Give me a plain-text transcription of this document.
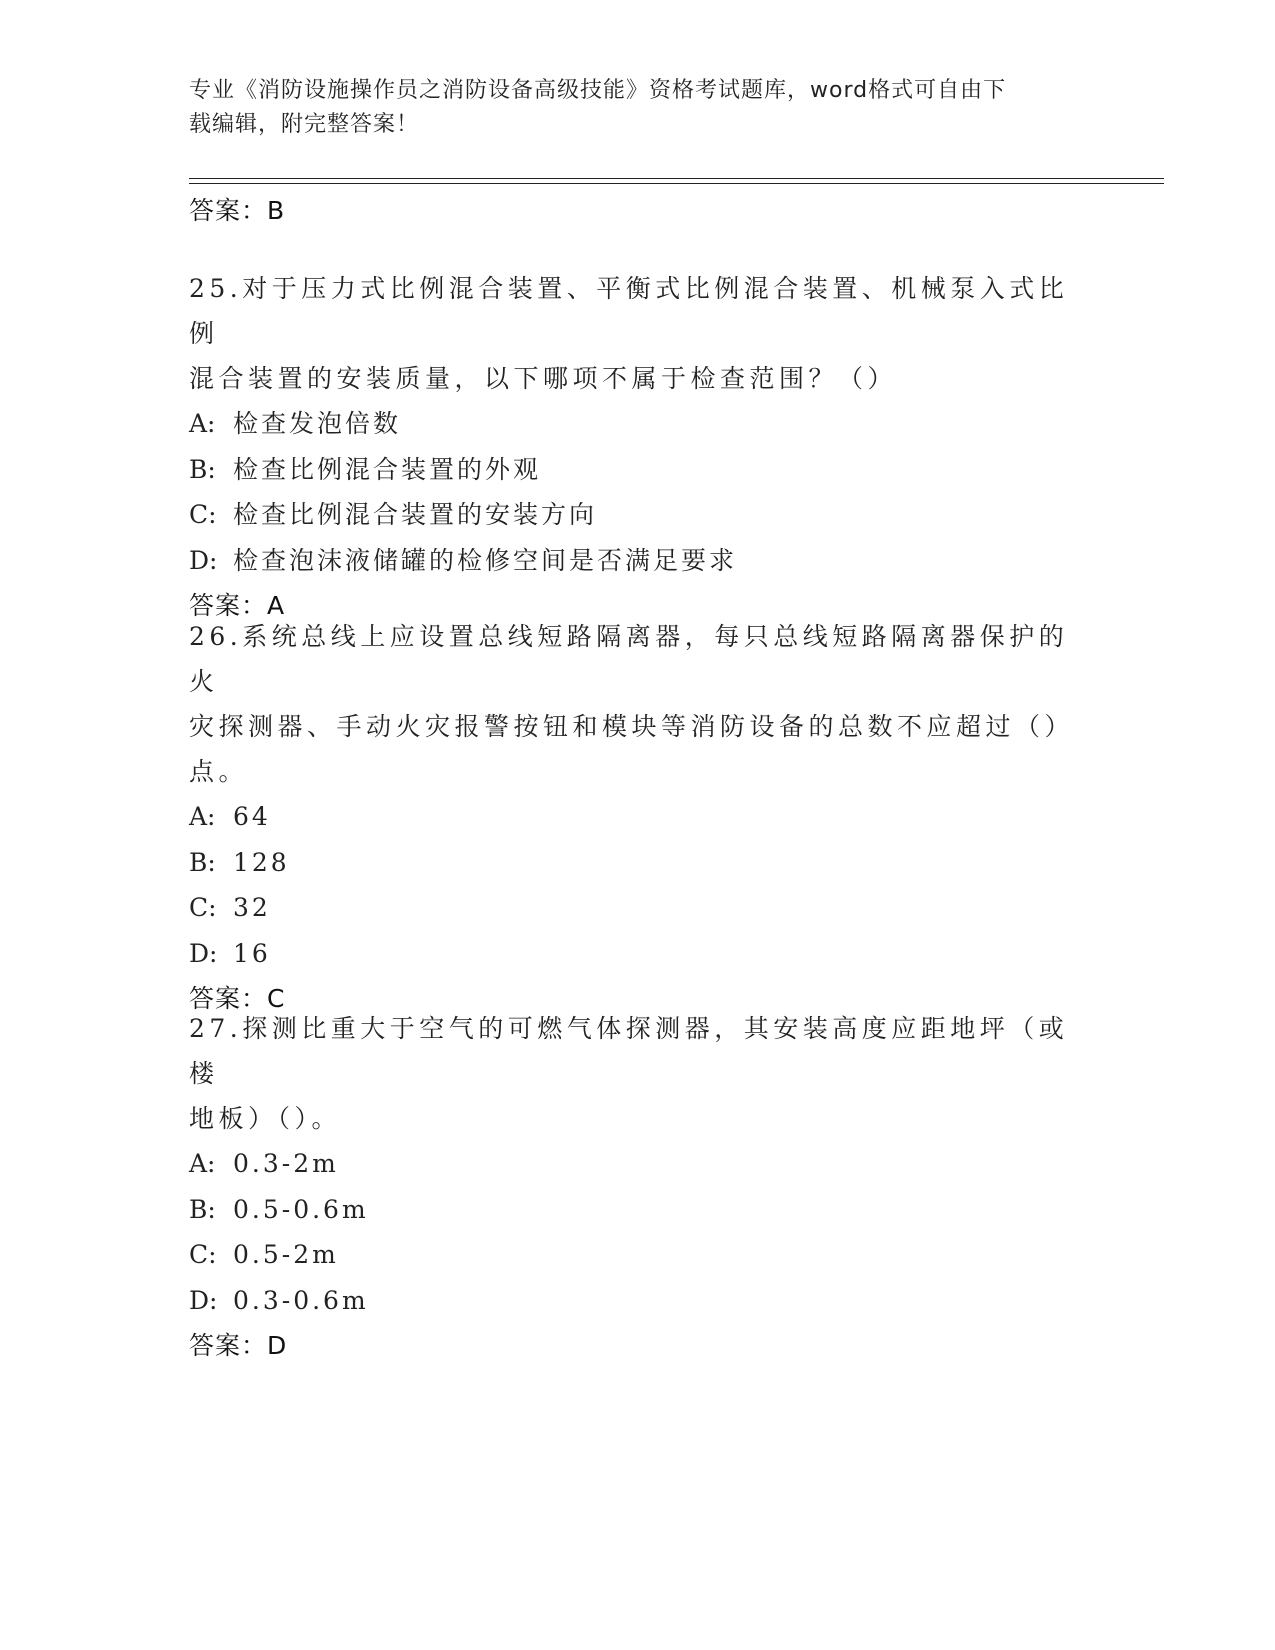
专业《消防设施操作员之消防设备高级技能》资格考试题库，word格式可自由下
载编辑，附完整答案！
答案：B
25.对于压力式比例混合装置、平衡式比例混合装置、机械泵入式比例
混合装置的安装质量，以下哪项不属于检查范围？（）
A: 检查发泡倍数
B: 检查比例混合装置的外观
C: 检查比例混合装置的安装方向
D: 检查泡沫液储罐的检修空间是否满足要求
答案：A
26.系统总线上应设置总线短路隔离器，每只总线短路隔离器保护的火
灾探测器、手动火灾报警按钮和模块等消防设备的总数不应超过（）
点。
A: 64
B: 128
C: 32
D: 16
答案：C
27.探测比重大于空气的可燃气体探测器，其安装高度应距地坪（或楼
地板）（）。
A: 0.3-2m
B: 0.5-0.6m
C: 0.5-2m
D: 0.3-0.6m
答案：D
